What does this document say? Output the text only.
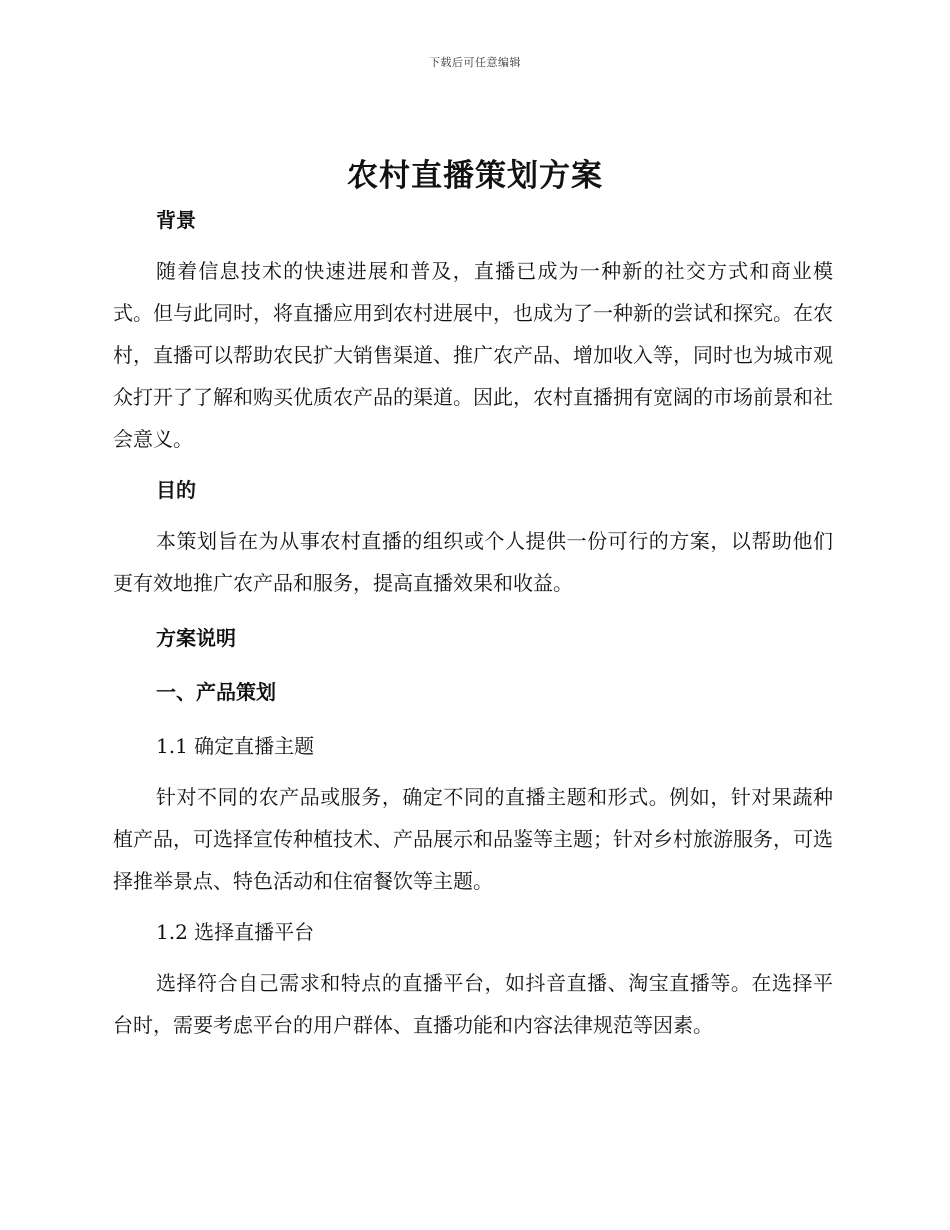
下载后可任意编辑
农村直播策划方案
背景

随着信息技术的快速进展和普及，直播已成为一种新的社交方式和商业模式。但与此同时，将直播应用到农村进展中，也成为了一种新的尝试和探究。在农村，直播可以帮助农民扩大销售渠道、推广农产品、增加收入等，同时也为城市观众打开了了解和购买优质农产品的渠道。因此，农村直播拥有宽阔的市场前景和社会意义。

目的

本策划旨在为从事农村直播的组织或个人提供一份可行的方案，以帮助他们更有效地推广农产品和服务，提高直播效果和收益。

方案说明
一、产品策划
1.1 确定直播主题

针对不同的农产品或服务，确定不同的直播主题和形式。例如，针对果蔬种植产品，可选择宣传种植技术、产品展示和品鉴等主题；针对乡村旅游服务，可选择推举景点、特色活动和住宿餐饮等主题。

1.2 选择直播平台

选择符合自己需求和特点的直播平台，如抖音直播、淘宝直播等。在选择平台时，需要考虑平台的用户群体、直播功能和内容法律规范等因素。
